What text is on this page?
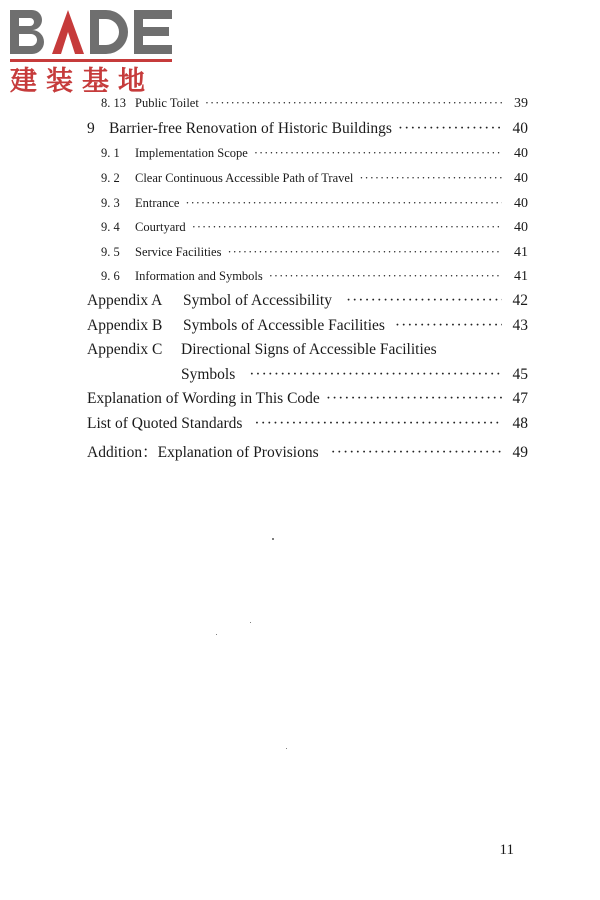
建装基地
8. 13 Public Toilet ·····	39
9 Barrier-free Renovation of Historic Buildings ·····	40
9. 1	Implementation Scope ·····	40
9. 2	Clear Continuous Accessible Path of Travel ·····	40
9. 3	Entrance ·····	40
9. 4	Courtyard ·····	40
9. 5	Service Facilities ·····	41
9. 6	Information and Symbols ·····	41
Appendix A	Symbol of Accessibility ·····	42
Appendix B	Symbols of Accessible Facilities ·····	43
Appendix C Directional Signs of Accessible Facilities
Symbols ·····	45
Explanation of Wording in This Code ·····	47
List of Quoted Standards ·····	48
Addition：Explanation of Provisions ·····	49
11
